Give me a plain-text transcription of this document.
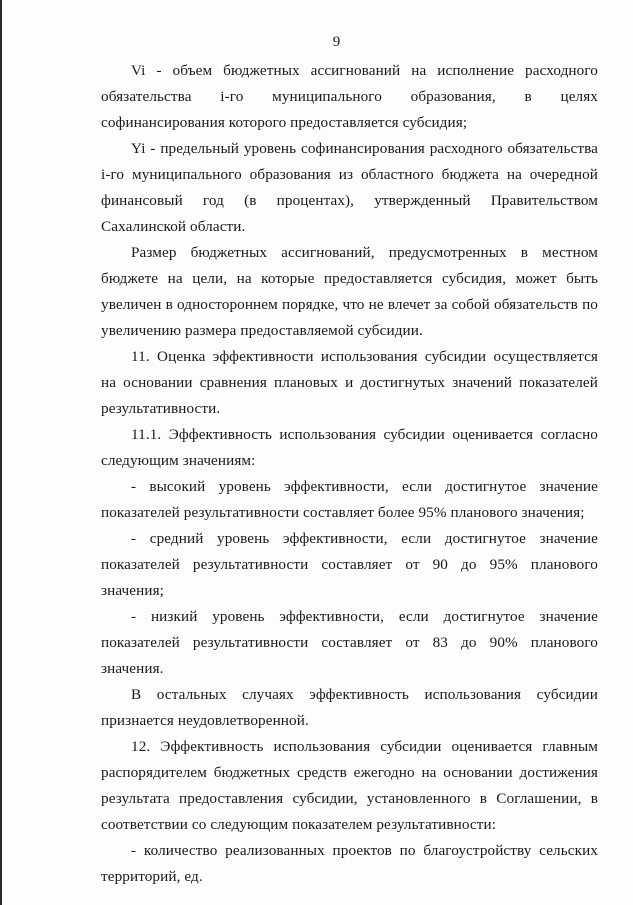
9

Vi - объем бюджетных ассигнований на исполнение расходного обязательства i-го муниципального образования, в целях софинансирования которого предоставляется субсидия;

Yi - предельный уровень софинансирования расходного обязательства i-го муниципального образования из областного бюджета на очередной финансовый год (в процентах), утвержденный Правительством Сахалинской области.

Размер бюджетных ассигнований, предусмотренных в местном бюджете на цели, на которые предоставляется субсидия, может быть увеличен в одностороннем порядке, что не влечет за собой обязательств по увеличению размера предоставляемой субсидии.

11. Оценка эффективности использования субсидии осуществляется на основании сравнения плановых и достигнутых значений показателей результативности.

11.1. Эффективность использования субсидии оценивается согласно следующим значениям:

- высокий уровень эффективности, если достигнутое значение показателей результативности составляет более 95% планового значения;

- средний уровень эффективности, если достигнутое значение показателей результативности составляет от 90 до 95% планового значения;

- низкий уровень эффективности, если достигнутое значение показателей результативности составляет от 83 до 90% планового значения.

В остальных случаях эффективность использования субсидии признается неудовлетворенной.

12. Эффективность использования субсидии оценивается главным распорядителем бюджетных средств ежегодно на основании достижения результата предоставления субсидии, установленного в Соглашении, в соответствии со следующим показателем результативности:

- количество реализованных проектов по благоустройству сельских территорий, ед.
